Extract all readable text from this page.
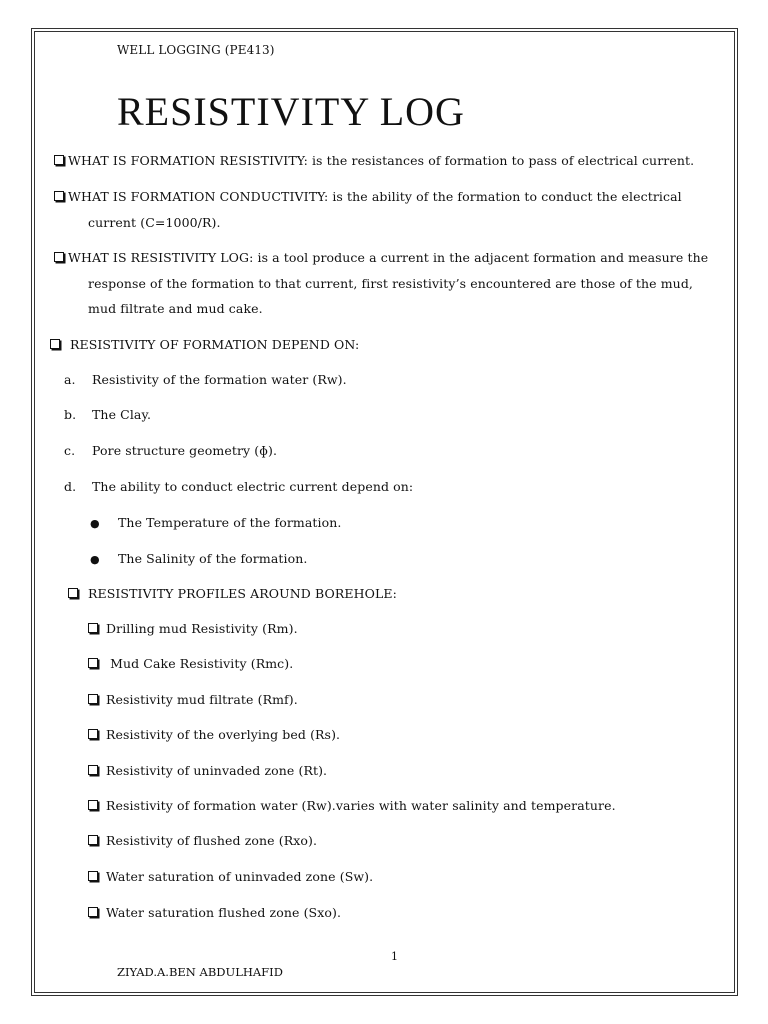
WELL LOGGING (PE413)
RESISTIVITY LOG
WHAT IS FORMATION RESISTIVITY: is the resistances of formation to pass of electrical current.
WHAT IS FORMATION CONDUCTIVITY: is the ability of the formation to conduct the electrical
current (C=1000/R).
WHAT IS RESISTIVITY LOG: is a tool produce a current in the adjacent formation and measure the
response of the formation to that current, first resistivity’s encountered are those of the mud,
mud filtrate and mud cake.
RESISTIVITY OF FORMATION DEPEND ON:
a. Resistivity of the formation water (Rw).
b. The Clay.
c. Pore structure geometry (ɸ).
d. The ability to conduct electric current depend on:
● The Temperature of the formation.
● The Salinity of the formation.
RESISTIVITY PROFILES AROUND BOREHOLE:
Drilling mud Resistivity (Rm).
Mud Cake Resistivity (Rmc).
Resistivity mud filtrate (Rmf).
Resistivity of the overlying bed (Rs).
Resistivity of uninvaded zone (Rt).
Resistivity of formation water (Rw).varies with water salinity and temperature.
Resistivity of flushed zone (Rxo).
Water saturation of uninvaded zone (Sw).
Water saturation flushed zone (Sxo).
1
ZIYAD.A.BEN ABDULHAFID
